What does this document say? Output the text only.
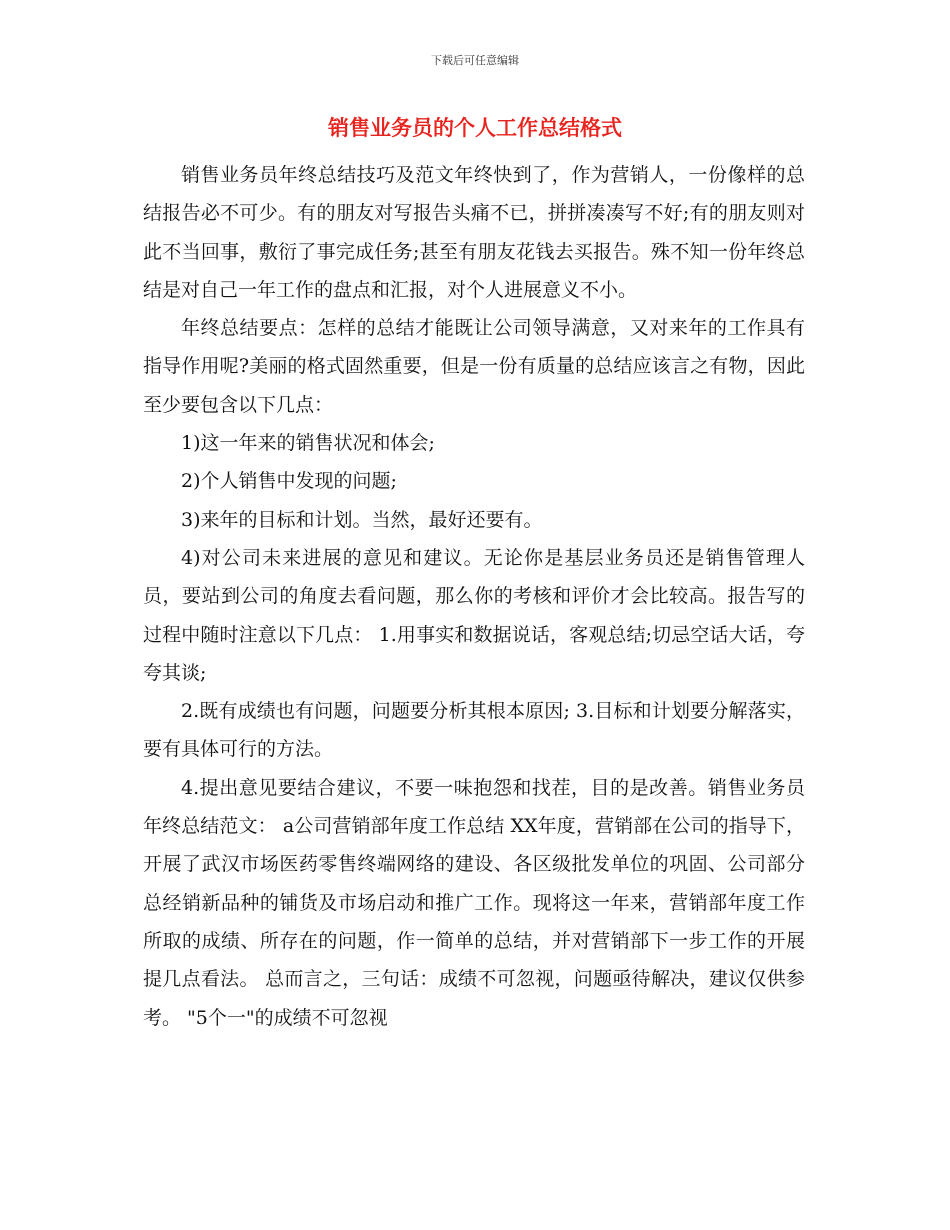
下载后可任意编辑
销售业务员的个人工作总结格式

销售业务员年终总结技巧及范文年终快到了，作为营销人，一份像样的总结报告必不可少。有的朋友对写报告头痛不已，拼拼凑凑写不好;有的朋友则对此不当回事，敷衍了事完成任务;甚至有朋友花钱去买报告。殊不知一份年终总结是对自己一年工作的盘点和汇报，对个人进展意义不小。

年终总结要点：怎样的总结才能既让公司领导满意，又对来年的工作具有指导作用呢?美丽的格式固然重要，但是一份有质量的总结应该言之有物，因此至少要包含以下几点：

1)这一年来的销售状况和体会;

2)个人销售中发现的问题;

3)来年的目标和计划。当然，最好还要有。

4)对公司未来进展的意见和建议。无论你是基层业务员还是销售管理人员，要站到公司的角度去看问题，那么你的考核和评价才会比较高。报告写的过程中随时注意以下几点： 1.用事实和数据说话，客观总结;切忌空话大话，夸夸其谈;

2.既有成绩也有问题，问题要分析其根本原因; 3.目标和计划要分解落实，要有具体可行的方法。

4.提出意见要结合建议，不要一味抱怨和找茬，目的是改善。销售业务员年终总结范文： a公司营销部年度工作总结 XX年度，营销部在公司的指导下，开展了武汉市场医药零售终端网络的建设、各区级批发单位的巩固、公司部分总经销新品种的铺货及市场启动和推广工作。现将这一年来，营销部年度工作所取的成绩、所存在的问题，作一简单的总结，并对营销部下一步工作的开展提几点看法。 总而言之，三句话：成绩不可忽视，问题亟待解决，建议仅供参考。 "5个一"的成绩不可忽视
